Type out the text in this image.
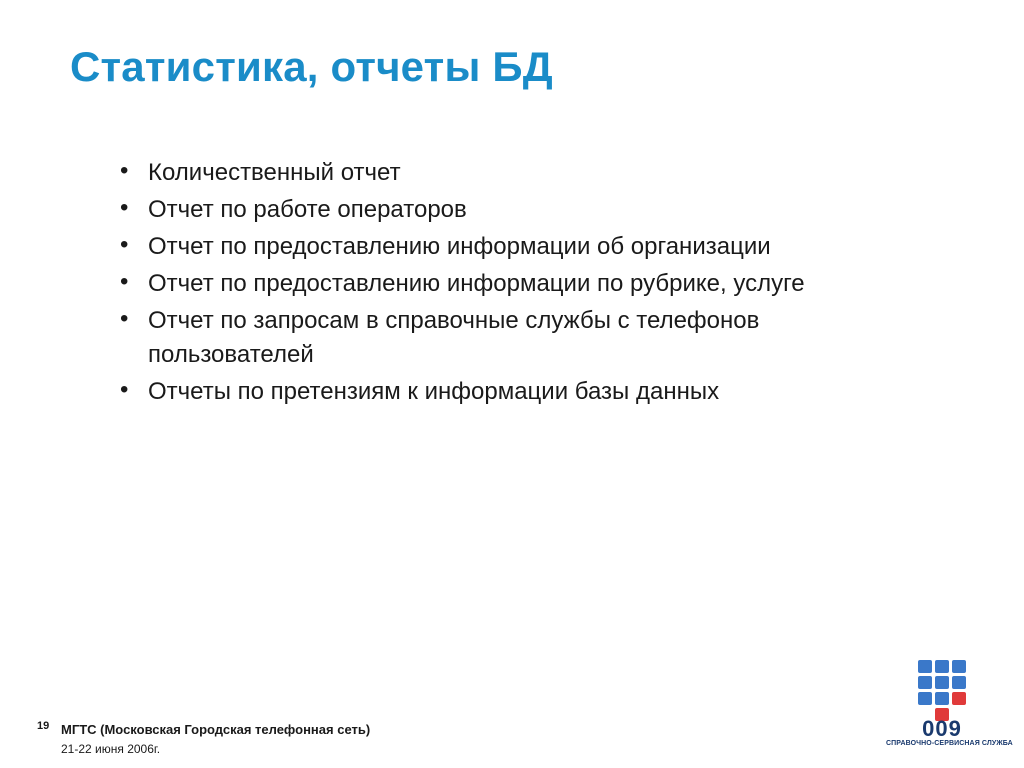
Статистика, отчеты БД
• Количественный отчет
• Отчет по работе операторов
• Отчет по предоставлению информации об организации
• Отчет по предоставлению информации по рубрике, услуге
• Отчет по запросам в справочные службы с телефонов пользователей
• Отчеты по претензиям к информации базы данных
19 МГТС (Московская Городская телефонная сеть)
21-22 июня 2006г.
009
СПРАВОЧНО-СЕРВИСНАЯ СЛУЖБА
